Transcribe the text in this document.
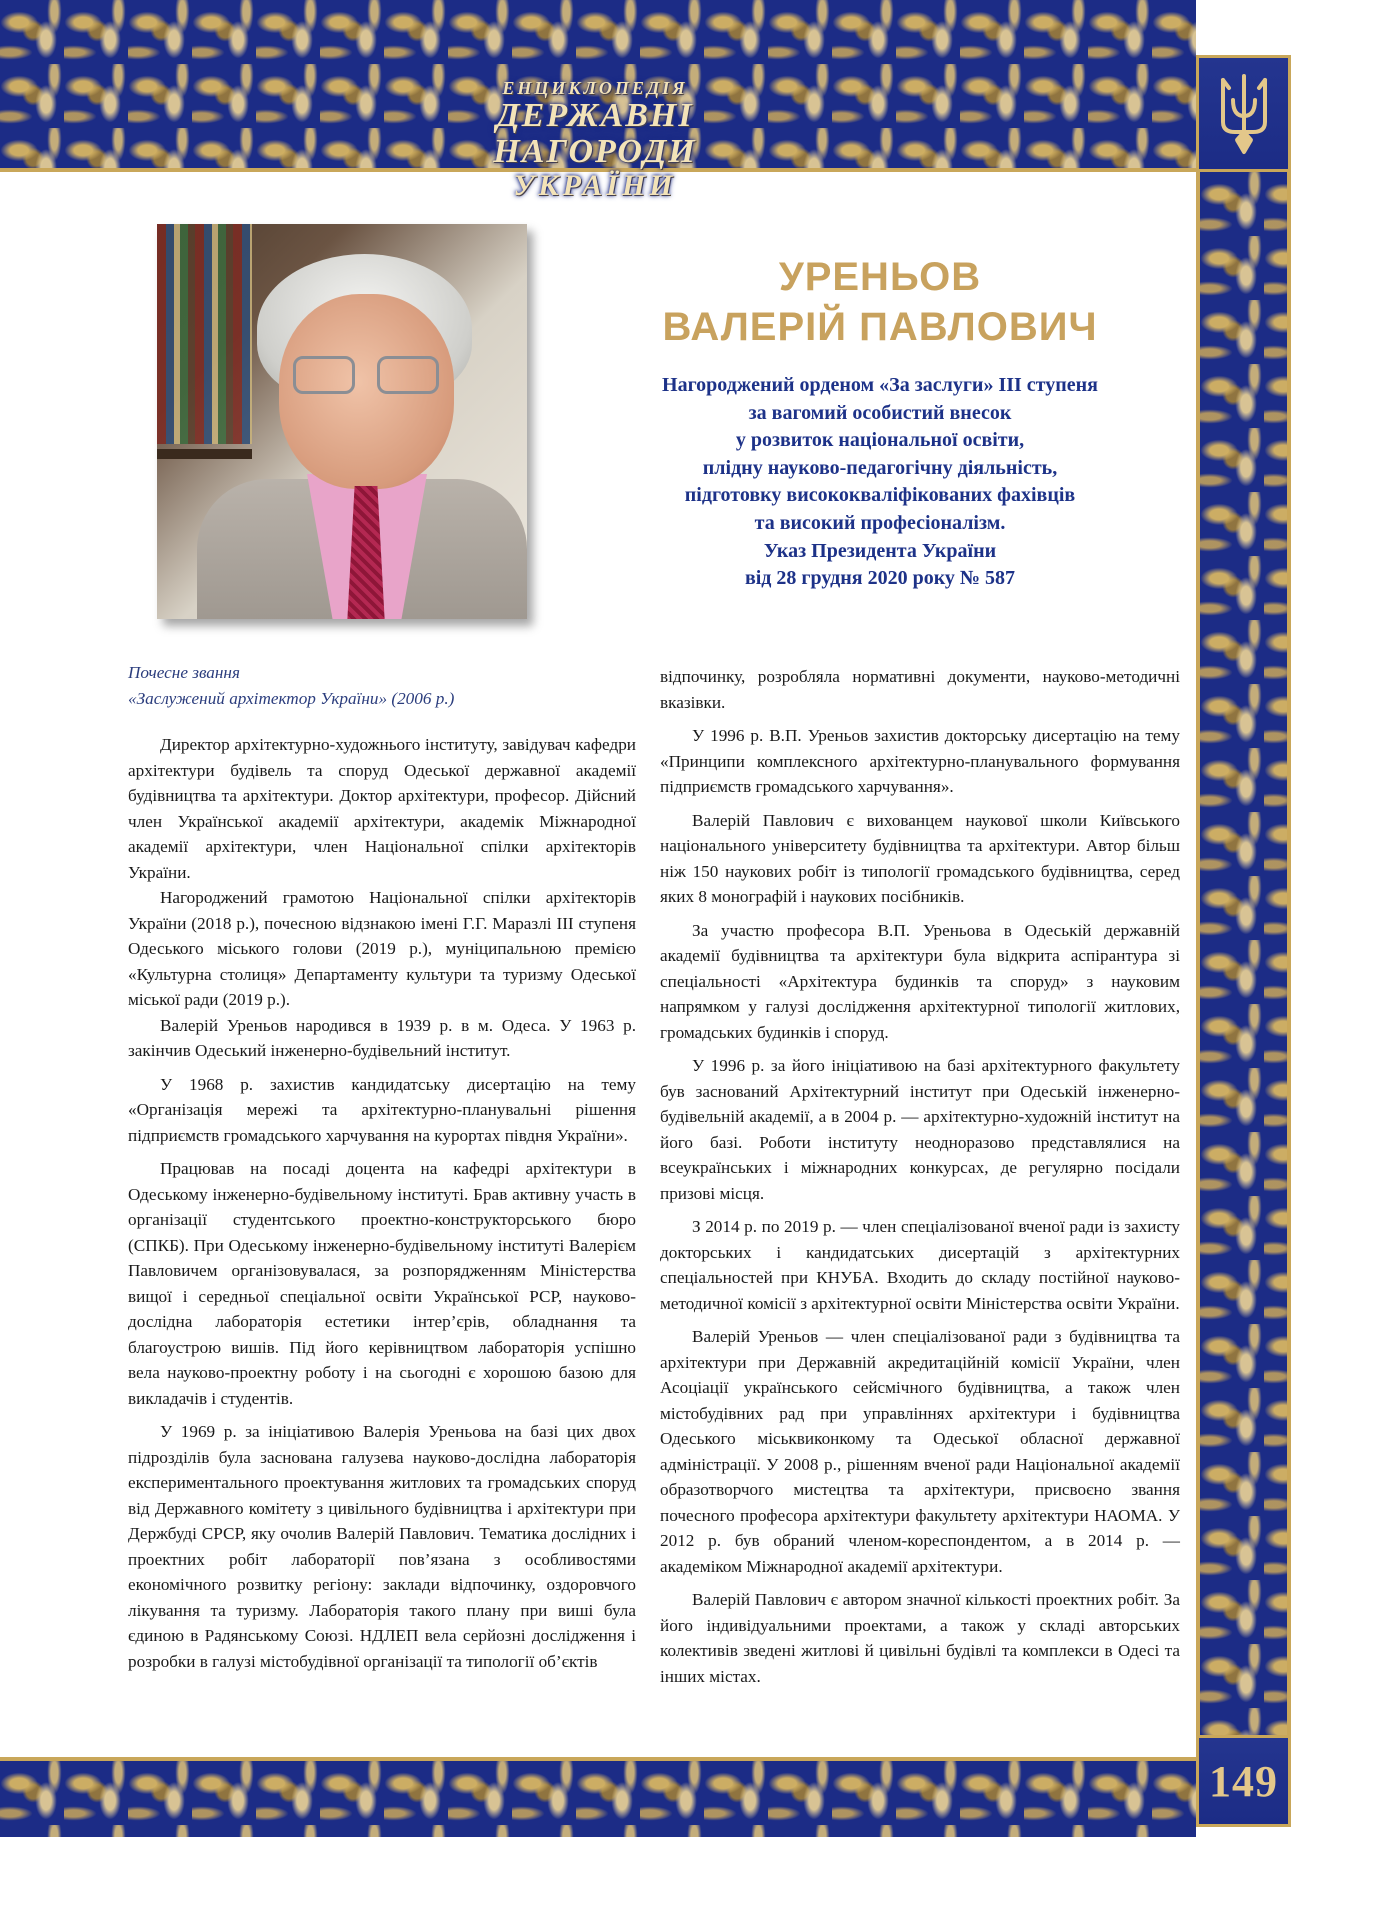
ЕНЦИКЛОПЕДІЯ
ДЕРЖАВНІ НАГОРОДИ
УКРАЇНИ
149
УРЕНЬОВ
ВАЛЕРІЙ ПАВЛОВИЧ
Нагороджений орденом «За заслуги» III ступеня
за вагомий особистий внесок
у розвиток національної освіти,
плідну науково-педагогічну діяльність,
підготовку висококваліфікованих фахівців
та високий професіоналізм.
Указ Президента України
від 28 грудня 2020 року № 587

Почесне звання
«Заслужений архітектор України» (2006 р.)

Директор архітектурно-художнього інституту, завідувач кафедри архітектури будівель та споруд Одеської державної академії будівництва та архітектури. Доктор архітектури, професор. Дійсний член Української академії архітектури, академік Міжнародної академії архітектури, член Національної спілки архітекторів України.

Нагороджений грамотою Національної спілки архітекторів України (2018 р.), почесною відзнакою імені Г.Г. Маразлі III ступеня Одеського міського голови (2019 р.), муніципальною премією «Культурна столиця» Департаменту культури та туризму Одеської міської ради (2019 р.).

Валерій Уреньов народився в 1939 р. в м. Одеса. У 1963 р. закінчив Одеський інженерно-будівельний інститут.

У 1968 р. захистив кандидатську дисертацію на тему «Організація мережі та архітектурно-планувальні рішення підприємств громадського харчування на курортах півдня України».

Працював на посаді доцента на кафедрі архітектури в Одеському інженерно-будівельному інституті. Брав активну участь в організації студентського проектно-конструкторського бюро (СПКБ). При Одеському інженерно-будівельному інституті Валерієм Павловичем організовувалася, за розпорядженням Міністерства вищої і середньої спеціальної освіти Української РСР, науково-дослідна лабораторія естетики інтер’єрів, обладнання та благоустрою вишів. Під його керівництвом лабораторія успішно вела науково-проектну роботу і на сьогодні є хорошою базою для викладачів і студентів.

У 1969 р. за ініціативою Валерія Уреньова на базі цих двох підрозділів була заснована галузева науково-дослідна лабораторія експериментального проектування житлових та громадських споруд від Державного комітету з цивільного будівництва і архітектури при Держбуді СРСР, яку очолив Валерій Павлович. Тематика дослідних і проектних робіт лабораторії пов’язана з особливостями економічного розвитку регіону: заклади відпочинку, оздоровчого лікування та туризму. Лабораторія такого плану при виші була єдиною в Радянському Союзі. НДЛЕП вела серйозні дослідження і розробки в галузі містобудівної організації та типології об’єктів

відпочинку, розробляла нормативні документи, науково-методичні вказівки.

У 1996 р. В.П. Уреньов захистив докторську дисертацію на тему «Принципи комплексного архітектурно-планувального формування підприємств громадського харчування».

Валерій Павлович є вихованцем наукової школи Київського національного університету будівництва та архітектури. Автор більш ніж 150 наукових робіт із типології громадського будівництва, серед яких 8 монографій і наукових посібників.

За участю професора В.П. Уреньова в Одеській державній академії будівництва та архітектури була відкрита аспірантура зі спеціальності «Архітектура будинків та споруд» з науковим напрямком у галузі дослідження архітектурної типології житлових, громадських будинків і споруд.

У 1996 р. за його ініціативою на базі архітектурного факультету був заснований Архітектурний інститут при Одеській інженерно-будівельній академії, а в 2004 р. — архітектурно-художній інститут на його базі. Роботи інституту неодноразово представлялися на всеукраїнських і міжнародних конкурсах, де регулярно посідали призові місця.

З 2014 р. по 2019 р. — член спеціалізованої вченої ради із захисту докторських і кандидатських дисертацій з архітектурних спеціальностей при КНУБА. Входить до складу постійної науково-методичної комісії з архітектурної освіти Міністерства освіти України.

Валерій Уреньов — член спеціалізованої ради з будівництва та архітектури при Державній акредитаційній комісії України, член Асоціації українського сейсмічного будівництва, а також член містобудівних рад при управліннях архітектури і будівництва Одеського міськвиконкому та Одеської обласної державної адміністрації. У 2008 р., рішенням вченої ради Національної академії образотворчого мистецтва та архітектури, присвоєно звання почесного професора архітектури факультету архітектури НАОМА. У 2012 р. був обраний членом-кореспондентом, а в 2014 р. — академіком Міжнародної академії архітектури.

Валерій Павлович є автором значної кількості проектних робіт. За його індивідуальними проектами, а також у складі авторських колективів зведені житлові й цивільні будівлі та комплекси в Одесі та інших містах.
